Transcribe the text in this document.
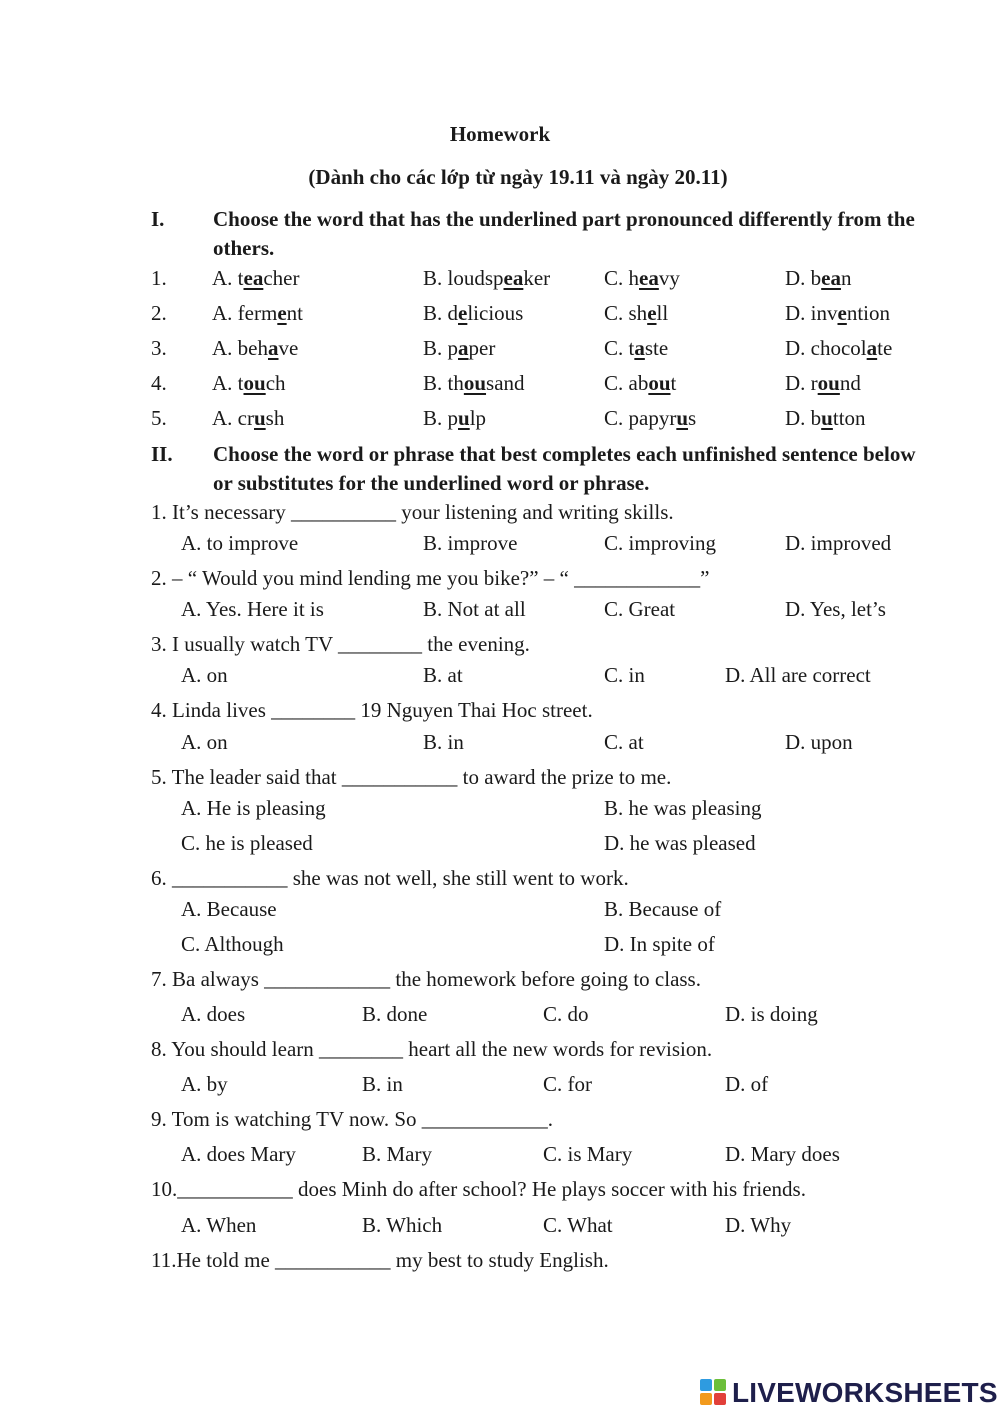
Homework
(Dành cho các lớp từ ngày 19.11 và ngày 20.11)
I. Choose the word that has the underlined part pronounced differently from the others.
1. A. teacher	B. loudspeaker	C. heavy	D. bean
2. A. ferment	B. delicious	C. shell	D. invention
3. A. behave	B. paper	C. taste	D. chocolate
4. A. touch	B. thousand	C. about	D. round
5. A. crush	B. pulp	C. papyrus	D. button
II. Choose the word or phrase that best completes each unfinished sentence below or substitutes for the underlined word or phrase.
1. It’s necessary __________ your listening and writing skills.
A. to improve	B. improve	C. improving	D. improved
2. – “ Would you mind lending me you bike?” – “ ____________”
A. Yes. Here it is	B. Not at all	C. Great	D. Yes, let’s
3. I usually watch TV ________ the evening.
A. on	B. at	C. in	D. All are correct
4. Linda lives ________ 19 Nguyen Thai Hoc street.
A. on	B. in	C. at	D. upon
5. The leader said that ___________ to award the prize to me.
A. He is pleasing	B. he was pleasing
C. he is pleased	D. he was pleased
6. ___________ she was not well, she still went to work.
A. Because	B. Because of
C. Although	D. In spite of
7. Ba always ____________ the homework before going to class.
A. does	B. done	C. do	D. is doing
8. You should learn ________ heart all the new words for revision.
A. by	B. in	C. for	D. of
9. Tom is watching TV now. So ____________.
A. does Mary	B. Mary	C. is Mary	D. Mary does
10.___________ does Minh do after school? He plays soccer with his friends.
A. When	B. Which	C. What	D. Why
11.He told me ___________ my best to study English.
LIVEWORKSHEETS
